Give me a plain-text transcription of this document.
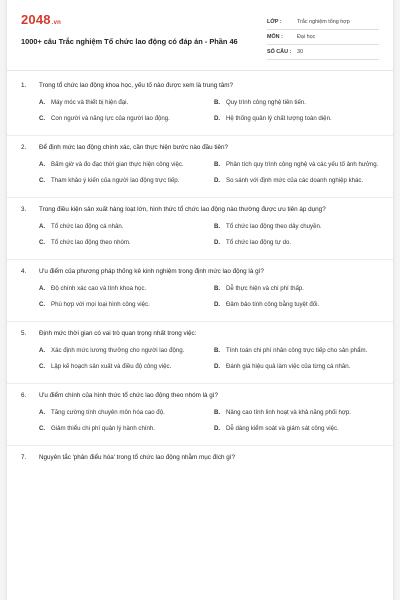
2048.vn
1000+ câu Trắc nghiệm Tổ chức lao động có đáp án - Phần 46
LỚP :	Trắc nghiệm tổng hợp
MÔN :	Đại học
SỐ CÂU :	30
1.	Trong tổ chức lao động khoa học, yếu tố nào được xem là trung tâm?
A. Máy móc và thiết bị hiện đại.	B. Quy trình công nghệ tiên tiến.
C. Con người và năng lực của người lao động.	D. Hệ thống quản lý chất lượng toàn diện.
2.	Để định mức lao động chính xác, cần thực hiện bước nào đầu tiên?
A. Bấm giờ và đo đạc thời gian thực hiện công việc.	B. Phân tích quy trình công nghệ và các yếu tố ảnh hưởng.
C. Tham khảo ý kiến của người lao động trực tiếp.	D. So sánh với định mức của các doanh nghiệp khác.
3.	Trong điều kiện sản xuất hàng loạt lớn, hình thức tổ chức lao động nào thường được ưu tiên áp dụng?
A. Tổ chức lao động cá nhân.	B. Tổ chức lao động theo dây chuyền.
C. Tổ chức lao động theo nhóm.	D. Tổ chức lao động tự do.
4.	Ưu điểm của phương pháp thống kê kinh nghiệm trong định mức lao động là gì?
A. Độ chính xác cao và tính khoa học.	B. Dễ thực hiện và chi phí thấp.
C. Phù hợp với mọi loại hình công việc.	D. Đảm bảo tính công bằng tuyệt đối.
5.	Định mức thời gian có vai trò quan trọng nhất trong việc:
A. Xác định mức lương thưởng cho người lao động.	B. Tính toán chi phí nhân công trực tiếp cho sản phẩm.
C. Lập kế hoạch sản xuất và điều độ công việc.	D. Đánh giá hiệu quả làm việc của từng cá nhân.
6.	Ưu điểm chính của hình thức tổ chức lao động theo nhóm là gì?
A. Tăng cường tính chuyên môn hóa cao độ.	B. Nâng cao tính linh hoạt và khả năng phối hợp.
C. Giảm thiểu chi phí quản lý hành chính.	D. Dễ dàng kiểm soát và giám sát công việc.
7.	Nguyên tắc 'phân điểu hóa' trong tổ chức lao động nhằm mục đích gì?
